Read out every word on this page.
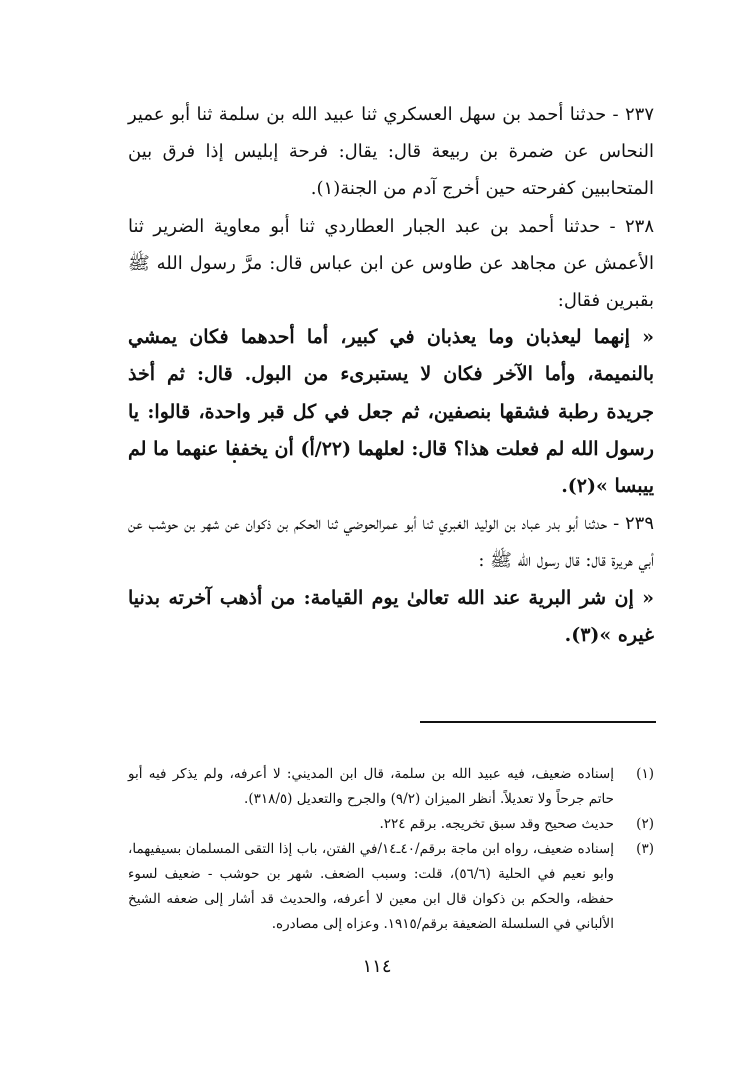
٢٣٧ - حدثنا أحمد بن سهل العسكري ثنا عبيد الله بن سلمة ثنا أبو عمير النحاس عن ضمرة بن ربيعة قال: يقال: فرحة إبليس إذا فرق بين المتحاببين كفرحته حين أخرج آدم من الجنة(١).

٢٣٨ - حدثنا أحمد بن عبد الجبار العطاردي ثنا أبو معاوية الضرير ثنا الأعمش عن مجاهد عن طاوس عن ابن عباس قال: مرَّ رسول الله ﷺ بقبرين فقال:

« إنهما ليعذبان وما يعذبان في كبير، أما أحدهما فكان يمشي بالنميمة، وأما الآخر فكان لا يستبرىء من البول. قال: ثم أخذ جريدة رطبة فشقها بنصفين، ثم جعل في كل قبر واحدة، قالوا: يا رسول الله لم فعلت هذا؟ قال: لعلهما (٢٢/أ) أن يخففا عنهما ما لم ييبسا »(٢).

٢٣٩ - حدثنا أبو بدر عباد بن الوليد الغبري ثنا أبو عمرالحوضي ثنا الحكم بن ذكوان عن شهر بن حوشب عن أبي هريرة قال: قال رسول الله ﷺ :

« إن شر البرية عند الله تعالىٰ يوم القيامة: من أذهب آخرته بدنيا غيره »(٣).

(١)
إسناده ضعيف، فيه عبيد الله بن سلمة، قال ابن المديني: لا أعرفه، ولم يذكر فيه أبو حاتم جرحاً ولا تعديلاً. أنظر الميزان (٩/٢) والجرح والتعديل (٣١٨/٥).
(٢)
حديث صحيح وقد سبق تخريجه. برقم ٢٢٤.
(٣)
إسناده ضعيف، رواه ابن ماجة برقم/٤٠ـ١٤/في الفتن، باب إذا التقى المسلمان بسيفيهما، وابو نعيم في الحلية (٥٦/٦)، قلت: وسبب الضعف. شهر بن حوشب - ضعيف لسوء حفظه، والحكم بن ذكوان قال ابن معين لا أعرفه، والحديث قد أشار إلى ضعفه الشيخ الألباني في السلسلة الضعيفة برقم/١٩١٥. وعزاه إلى مصادره.
١١٤
